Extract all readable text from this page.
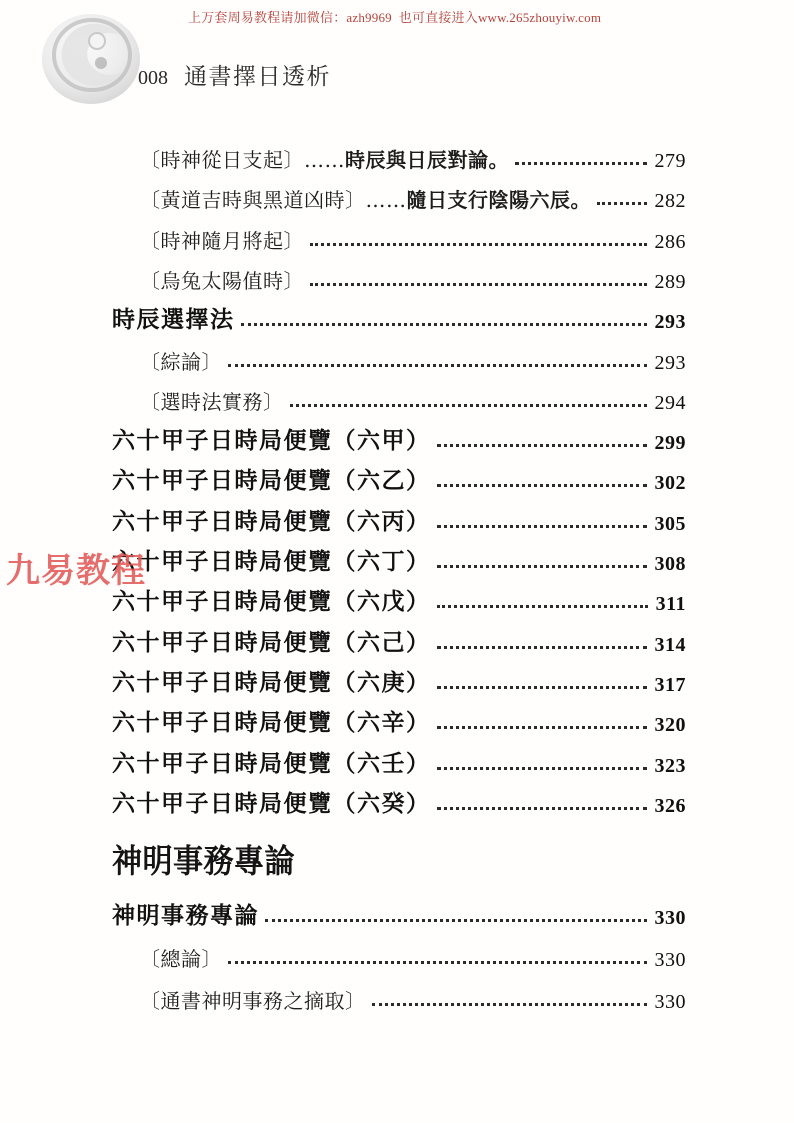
上万套周易教程请加微信：azh9969  也可直接进入www.265zhouyiw.com
008 通書擇日透析
〔時神從日支起〕…… 時辰與日辰對論。	279
〔黃道吉時與黑道凶時〕…… 隨日支行陰陽六辰。	282
〔時神隨月將起〕	286
〔烏兔太陽值時〕	289
時辰選擇法	293
〔綜論〕	293
〔選時法實務〕	294
六十甲子日時局便覽（六甲）	299
六十甲子日時局便覽（六乙）	302
六十甲子日時局便覽（六丙）	305
六十甲子日時局便覽（六丁）	308
六十甲子日時局便覽（六戊）	311
六十甲子日時局便覽（六己）	314
六十甲子日時局便覽（六庚）	317
六十甲子日時局便覽（六辛）	320
六十甲子日時局便覽（六壬）	323
六十甲子日時局便覽（六癸）	326
神明事務專論
神明事務專論	330
〔總論〕	330
〔通書神明事務之摘取〕	330
九易教程
